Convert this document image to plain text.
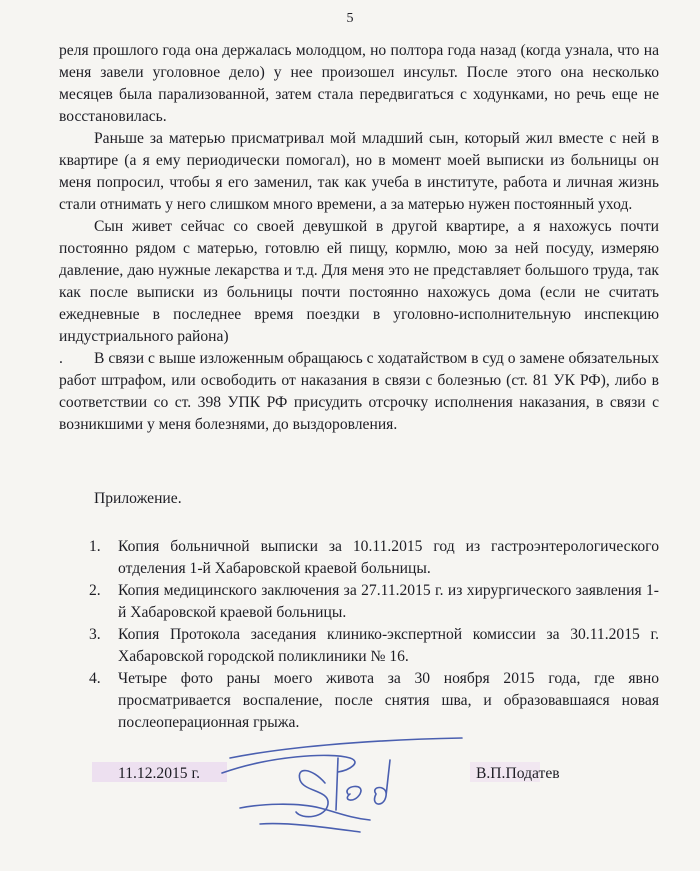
5

реля прошлого года она держалась молодцом, но полтора года назад (когда узнала, что на меня завели уголовное дело) у нее произошел инсульт. После этого она несколько месяцев была парализованной, затем стала передвигаться с ходунками, но речь еще не восстановилась.

Раньше за матерью присматривал мой младший сын, который жил вместе с ней в квартире (а я ему периодически помогал), но в момент моей выписки из больницы он меня попросил, чтобы я его заменил, так как учеба в институте, работа и личная жизнь стали отнимать у него слишком много времени, а за матерью нужен постоянный уход.

Сын живет сейчас со своей девушкой в другой квартире, а я нахожусь почти постоянно рядом с матерью, готовлю ей пищу, кормлю, мою за ней посуду, измеряю давление, даю нужные лекарства и т.д. Для меня это не представляет большого труда, так как после выписки из больницы почти постоянно нахожусь дома (если не считать ежедневные в последнее время поездки в уголовно-исполнительную инспекцию индустриального района)

. В связи с выше изложенным обращаюсь с ходатайством в суд о замене обязательных работ штрафом, или освободить от наказания в связи с болезнью (ст. 81 УК РФ), либо в соответствии со ст. 398 УПК РФ присудить отсрочку исполнения наказания, в связи с возникшими у меня болезнями, до выздоровления.

Приложение.

1. Копия больничной выписки за 10.11.2015 год из гастроэнтерологического отделения 1-й Хабаровской краевой больницы.
2. Копия медицинского заключения за 27.11.2015 г. из хирургического заявления 1-й Хабаровской краевой больницы.
3. Копия Протокола заседания клинико-экспертной комиссии за 30.11.2015 г. Хабаровской городской поликлиники № 16.
4. Четыре фото раны моего живота за 30 ноября 2015 года, где явно просматривается воспаление, после снятия шва, и образовавшаяся новая послеоперационная грыжа.
11.12.2015 г.	В.П.Податев
